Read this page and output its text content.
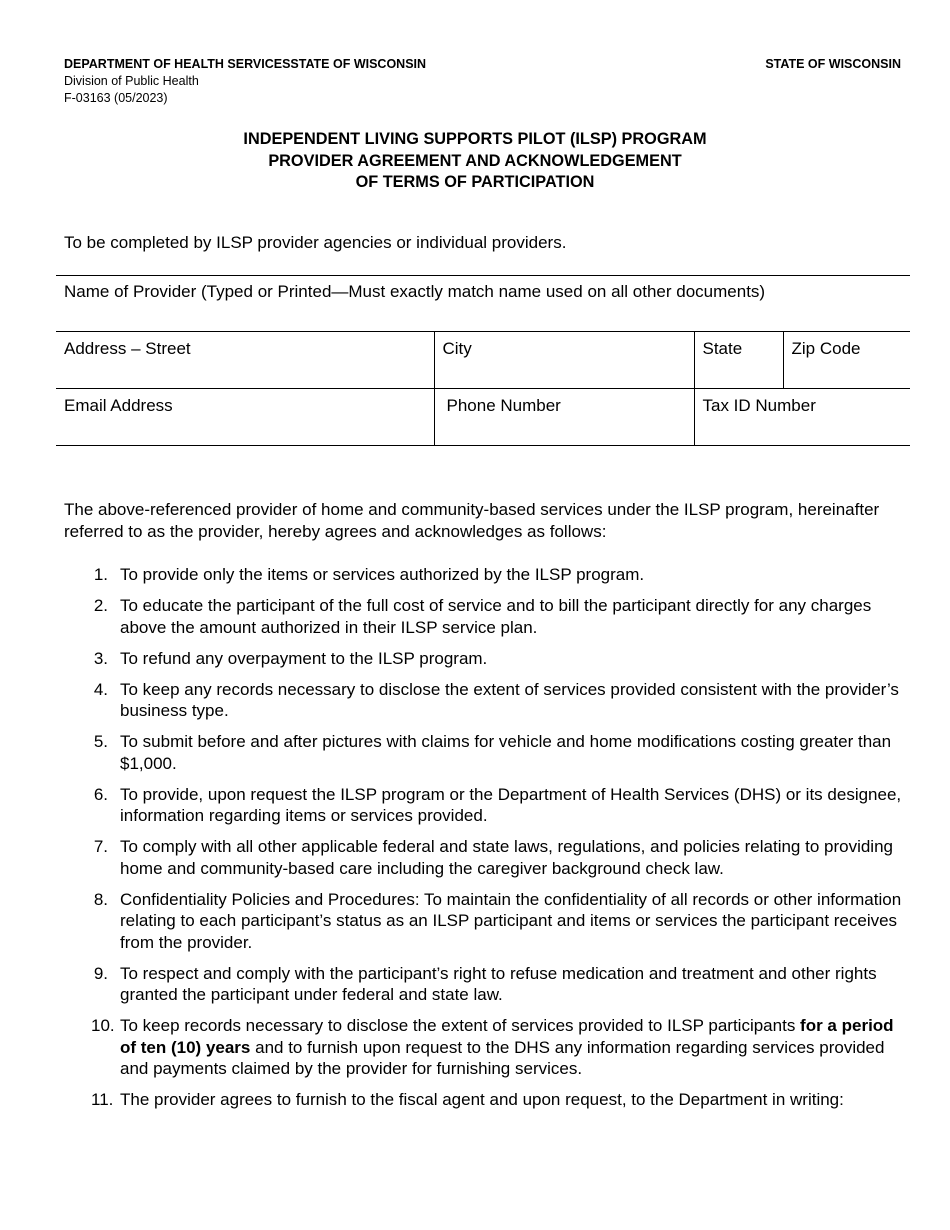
DEPARTMENT OF HEALTH SERVICESSTATE OF WISCONSIN
Division of Public Health
F-03163 (05/2023)
STATE OF WISCONSIN
INDEPENDENT LIVING SUPPORTS PILOT (ILSP) PROGRAM
PROVIDER AGREEMENT AND ACKNOWLEDGEMENT
OF TERMS OF PARTICIPATION
To be completed by ILSP provider agencies or individual providers.
Name of Provider (Typed or Printed—Must exactly match name used on all other documents)
Address – Street	City	State	Zip Code

Email Address	Phone Number	Tax ID Number	
The above-referenced provider of home and community-based services under the ILSP program, hereinafter referred to as the provider, hereby agrees and acknowledges as follows:
1. To provide only the items or services authorized by the ILSP program.
2. To educate the participant of the full cost of service and to bill the participant directly for any charges above the amount authorized in their ILSP service plan.
3. To refund any overpayment to the ILSP program.
4. To keep any records necessary to disclose the extent of services provided consistent with the provider’s business type.
5. To submit before and after pictures with claims for vehicle and home modifications costing greater than $1,000.
6. To provide, upon request the ILSP program or the Department of Health Services (DHS) or its designee, information regarding items or services provided.
7. To comply with all other applicable federal and state laws, regulations, and policies relating to providing home and community-based care including the caregiver background check law.
8. Confidentiality Policies and Procedures: To maintain the confidentiality of all records or other information relating to each participant’s status as an ILSP participant and items or services the participant receives from the provider.
9. To respect and comply with the participant’s right to refuse medication and treatment and other rights granted the participant under federal and state law.
10. To keep records necessary to disclose the extent of services provided to ILSP participants for a period of ten (10) years and to furnish upon request to the DHS any information regarding services provided and payments claimed by the provider for furnishing services.
11. The provider agrees to furnish to the fiscal agent and upon request, to the Department in writing:
